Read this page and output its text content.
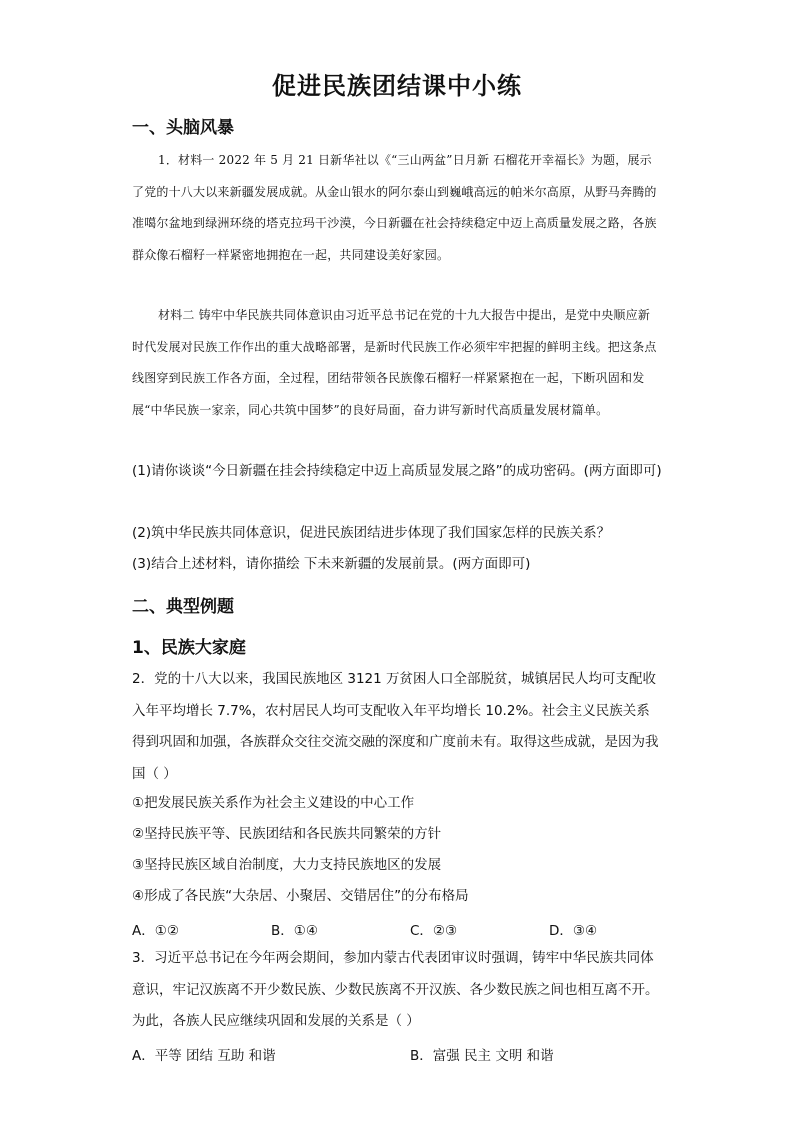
促进民族团结课中小练
一、头脑风暴
1．材料一 2022 年 5 月 21 日新华社以《“三山两盆”日月新 石榴花开幸福长》为题，展示了党的十八大以来新疆发展成就。从金山银水的阿尔泰山到巍峨高远的帕米尔高原，从野马奔腾的准噶尔盆地到绿洲环绕的塔克拉玛干沙漠，今日新疆在社会持续稳定中迈上高质量发展之路，各族群众像石榴籽一样紧密地拥抱在一起，共同建设美好家园。
材料二 铸牢中华民族共同体意识由习近平总书记在党的十九大报告中提出，是党中央顺应新时代发展对民族工作作出的重大战略部署，是新时代民族工作必须牢牢把握的鲜明主线。把这条点线图穿到民族工作各方面，全过程，团结带领各民族像石榴籽一样紧紧抱在一起，下断巩固和发展“中华民族一家亲，同心共筑中国梦”的良好局面，奋力讲写新时代高质量发展材篇单。
(1)请你谈谈“今日新疆在挂会持续稳定中迈上高质显发展之路”的成功密码。(两方面即可)
(2)筑中华民族共同体意识，促进民族团结进步体现了我们国家怎样的民族关系？
(3)结合上述材料，请你描绘 下未来新疆的发展前景。(两方面即可)
二、典型例题
1、民族大家庭
2．党的十八大以来，我国民族地区 3121 万贫困人口全部脱贫，城镇居民人均可支配收入年平均增长 7.7%，农村居民人均可支配收入年平均增长 10.2%。社会主义民族关系得到巩固和加强，各族群众交往交流交融的深度和广度前未有。取得这些成就，是因为我国（ ）
①把发展民族关系作为社会主义建设的中心工作
②坚持民族平等、民族团结和各民族共同繁荣的方针
③坚持民族区域自治制度，大力支持民族地区的发展
④形成了各民族“大杂居、小聚居、交错居住”的分布格局
A．①②	B．①④	C．②③	D．③④
3．习近平总书记在今年两会期间，参加内蒙古代表团审议时强调，铸牢中华民族共同体意识，牢记汉族离不开少数民族、少数民族离不开汉族、各少数民族之间也相互离不开。为此，各族人民应继续巩固和发展的关系是（ ）
A．平等 团结 互助 和谐	B．富强 民主 文明 和谐
